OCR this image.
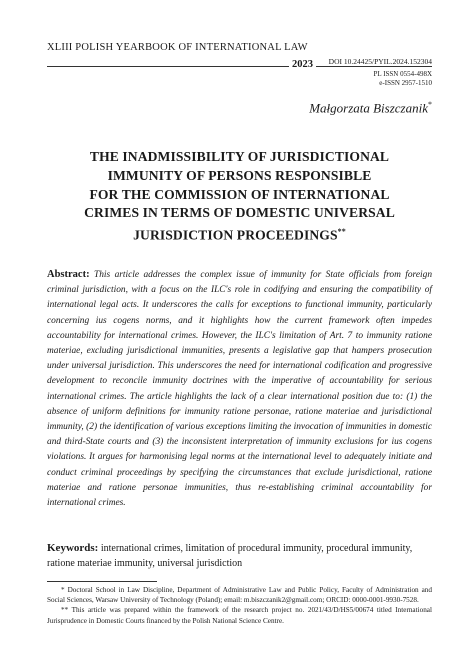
XLIII POLISH YEARBOOK OF INTERNATIONAL LAW
DOI 10.24425/PYIL.2024.152304
2023
PL ISSN 0554-498X
e-ISSN 2957-1510
Małgorzata Biszczanik*
THE INADMISSIBILITY OF JURISDICTIONAL
IMMUNITY OF PERSONS RESPONSIBLE
FOR THE COMMISSION OF INTERNATIONAL
CRIMES IN TERMS OF DOMESTIC UNIVERSAL
JURISDICTION PROCEEDINGS**
Abstract: This article addresses the complex issue of immunity for State officials from foreign criminal jurisdiction, with a focus on the ILC's role in codifying and ensuring the compatibility of international legal acts. It underscores the calls for exceptions to functional immunity, particularly concerning ius cogens norms, and it highlights how the current framework often impedes accountability for international crimes. However, the ILC's limitation of Art. 7 to immunity ratione materiae, excluding jurisdictional immunities, presents a legislative gap that hampers prosecution under universal jurisdiction. This underscores the need for international codification and progressive development to reconcile immunity doctrines with the imperative of accountability for serious international crimes. The article highlights the lack of a clear international position due to: (1) the absence of uniform definitions for immunity ratione personae, ratione materiae and jurisdictional immunity, (2) the identification of various exceptions limiting the invocation of immunities in domestic and third-State courts and (3) the inconsistent interpretation of immunity exclusions for ius cogens violations. It argues for harmonising legal norms at the international level to adequately initiate and conduct criminal proceedings by specifying the circumstances that exclude jurisdictional, ratione materiae and ratione personae immunities, thus re-establishing criminal accountability for international crimes.
Keywords: international crimes, limitation of procedural immunity, procedural immunity, ratione materiae immunity, universal jurisdiction

* Doctoral School in Law Discipline, Department of Administrative Law and Public Policy, Faculty of Administration and Social Sciences, Warsaw University of Technology (Poland); email: m.biszczanik2@gmail.com; ORCID: 0000-0001-9930-7528.

** This article was prepared within the framework of the research project no. 2021/43/D/HS5/00674 titled International Jurisprudence in Domestic Courts financed by the Polish National Science Centre.
